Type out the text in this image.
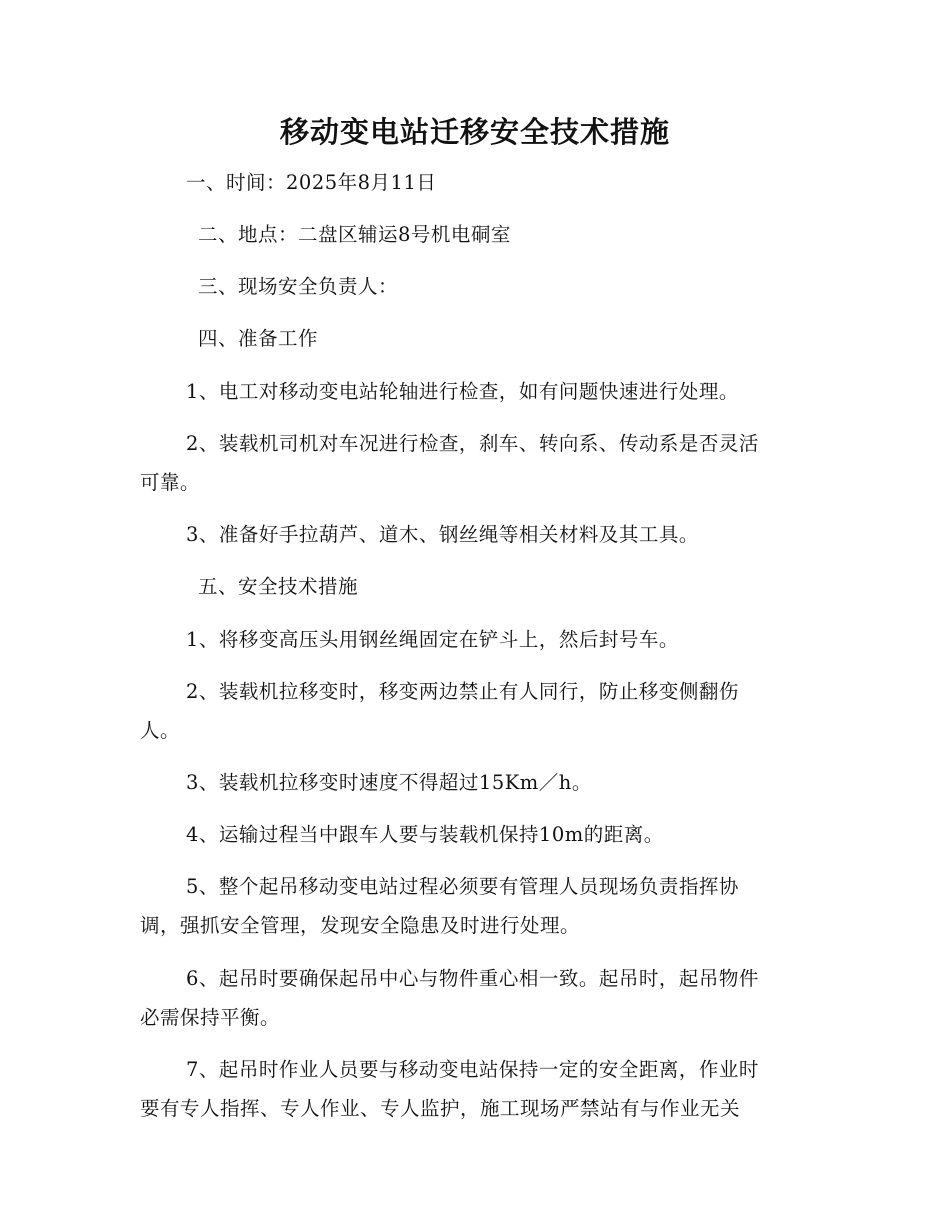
移动变电站迁移安全技术措施

一、时间：2025年8月11日

二、地点：二盘区辅运8号机电硐室

三、现场安全负责人：

四、准备工作

1、电工对移动变电站轮轴进行检查，如有问题快速进行处理。

2、装载机司机对车况进行检查，刹车、转向系、传动系是否灵活

可靠。

3、准备好手拉葫芦、道木、钢丝绳等相关材料及其工具。

五、安全技术措施

1、将移变高压头用钢丝绳固定在铲斗上，然后封号车。

2、装载机拉移变时，移变两边禁止有人同行，防止移变侧翻伤

人。

3、装载机拉移变时速度不得超过15Km／h。

4、运输过程当中跟车人要与装载机保持10m的距离。

5、整个起吊移动变电站过程必须要有管理人员现场负责指挥协

调，强抓安全管理，发现安全隐患及时进行处理。

6、起吊时要确保起吊中心与物件重心相一致。起吊时，起吊物件

必需保持平衡。

7、起吊时作业人员要与移动变电站保持一定的安全距离，作业时

要有专人指挥、专人作业、专人监护，施工现场严禁站有与作业无关
